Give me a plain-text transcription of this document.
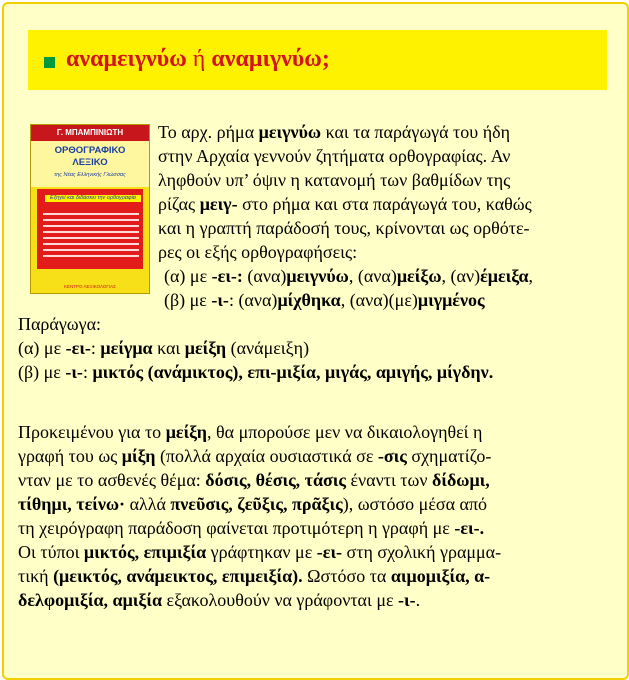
αναμειγνύω ή αναμιγνύω;
Γ. ΜΠΑΜΠΙΝΙΩΤΗ
ΟΡΘΟΓΡΑΦΙΚΟ
ΛΕΞΙΚΟ
της Νέας Ελληνικής Γλώσσας
Εξηγεί και διδάσκει την ορθογραφία
ΚΕΝΤΡΟ ΛΕΞΙΚΟΛΟΓΙΑΣ
Το αρχ. ρήμα μειγνύω και τα παράγωγά του ήδη
στην Αρχαία γεννούν ζητήματα ορθογραφίας. Αν
ληφθούν υπ’ όψιν η κατανομή των βαθμίδων της
ρίζας μειγ- στο ρήμα και στα παράγωγά του, καθώς
και η γραπτή παράδοσή τους, κρίνονται ως ορθότε-
ρες οι εξής ορθογραφήσεις:
(α) με -ει-: (ανα)μειγνύω, (ανα)μείξω, (αν)έμειξα,
(β) με -ι-: (ανα)μίχθηκα, (ανα)(με)μιγμένος
Παράγωγα:
(α) με -ει-: μείγμα και μείξη (ανάμειξη)
(β) με -ι-: μικτός (ανάμικτος), επι-μιξία, μιγάς, αμιγής, μίγδην.
Προκειμένου για το μείξη, θα μπορούσε μεν να δικαιολογηθεί η
γραφή του ως μίξη (πολλά αρχαία ουσιαστικά σε -σις σχηματίζο-
νταν με το ασθενές θέμα: δόσις, θέσις, τάσις έναντι των δίδωμι,
τίθημι, τείνω· αλλά πνεῦσις, ζεῦξις, πρᾶξις), ωστόσο μέσα από
τη χειρόγραφη παράδοση φαίνεται προτιμότερη η γραφή με -ει-.
Οι τύποι μικτός, επιμιξία γράφτηκαν με -ει- στη σχολική γραμμα-
τική (μεικτός, ανάμεικτος, επιμειξία). Ωστόσο τα αιμομιξία, α-
δελφομιξία, αμιξία εξακολουθούν να γράφονται με -ι-.
